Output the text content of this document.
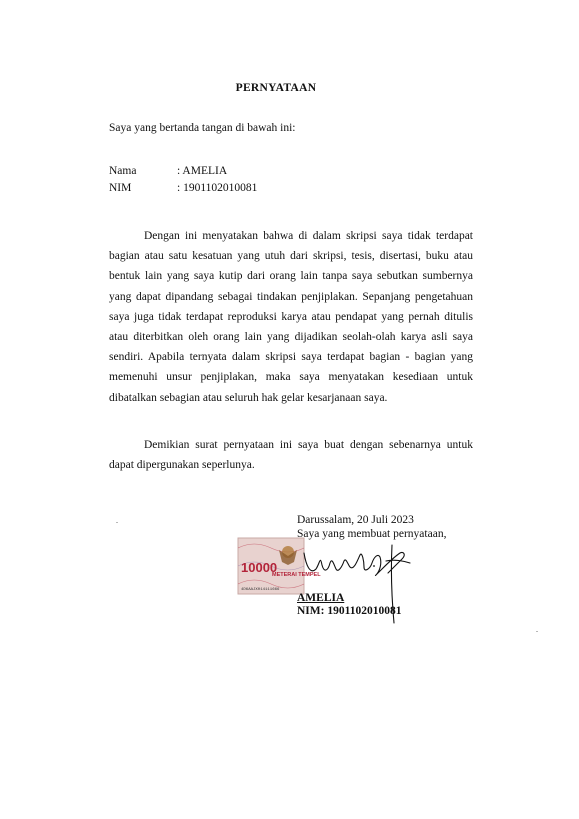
PERNYATAAN
Saya yang bertanda tangan di bawah ini:
Nama	: AMELIA
NIM	: 1901102010081

Dengan ini menyatakan bahwa di dalam skripsi saya tidak terdapat bagian atau satu kesatuan yang utuh dari skripsi, tesis, disertasi, buku atau bentuk lain yang saya kutip dari orang lain tanpa saya sebutkan sumbernya yang dapat dipandang sebagai tindakan penjiplakan. Sepanjang pengetahuan saya juga tidak terdapat reproduksi karya atau pendapat yang pernah ditulis atau diterbitkan oleh orang lain yang dijadikan seolah-olah karya asli saya sendiri. Apabila ternyata dalam skripsi saya terdapat bagian - bagian yang memenuhi unsur penjiplakan, maka saya menyatakan kesediaan untuk dibatalkan sebagian atau seluruh hak gelar kesarjanaan saya.

Demikian surat pernyataan ini saya buat dengan sebenarnya untuk dapat dipergunakan seperlunya.

.
.
10000
METERAI TEMPEL
4D6AAJX014111666
Darussalam, 20 Juli 2023
Saya yang membuat pernyataan,
AMELIA
NIM: 1901102010081
